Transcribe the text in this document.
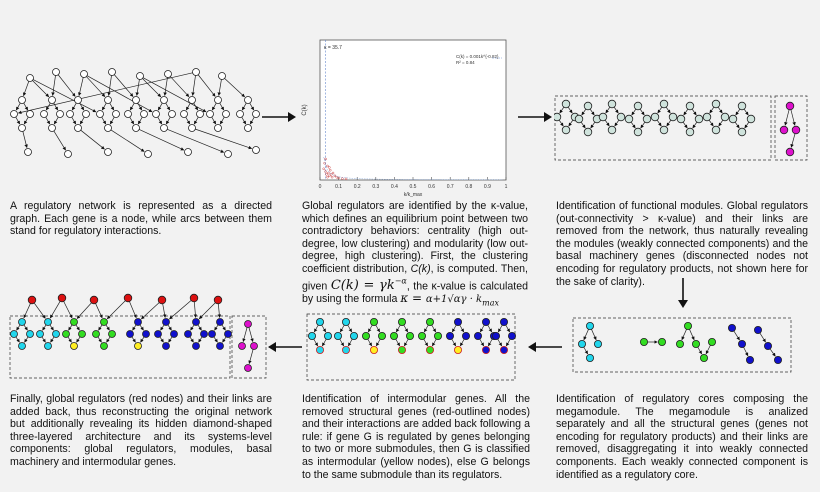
0	0.1 0.2 0.3 0.4 0.5 0.6 0.7 0.8 0.9	1
C(k)
k/k_max
κ = 35.7
C(k) = 0.001k^{-0.82}
R² = 0.84
A regulatory network is represented as a directed graph. Each gene is a node, while arcs between them stand for regulatory interactions.
Global regulators are identified by the κ-value, which defines an equilibrium point between two contradictory behaviors: centrality (high out-degree, low clustering) and modularity (low out-degree, high clustering). First, the clustering coefficient distribution, C(k), is computed. Then, given $C(k) = \gamma k^{-\alpha}$, the κ-value is calculated by using the formula $\kappa = \alpha+1√\alpha\gamma \cdot k_{max}$
Identification of functional modules. Global regulators (out-connectivity > κ-value) and their links are removed from the network, thus naturally revealing the modules (weakly connected components) and the basal machinery genes (disconnected nodes not encoding for regulatory products, not shown here for the sake of clarity).
Finally, global regulators (red nodes) and their links are added back, thus reconstructing the original network but additionally revealing its hidden diamond-shaped three-layered architecture and its systems-level components: global regulators, modules, basal machinery and intermodular genes.
Identification of intermodular genes. All the removed structural genes (red-outlined nodes) and their interactions are added back following a rule: if gene G is regulated by genes belonging to two or more submodules, then G is classified as intermodular (yellow nodes), else G belongs to the same submodule than its regulators.
Identification of regulatory cores composing the megamodule. The megamodule is analized separately and all the structural genes (genes not encoding for regulatory products) and their links are removed, disaggregating it into weakly connected components. Each weakly connected component is identified as a regulatory core.
